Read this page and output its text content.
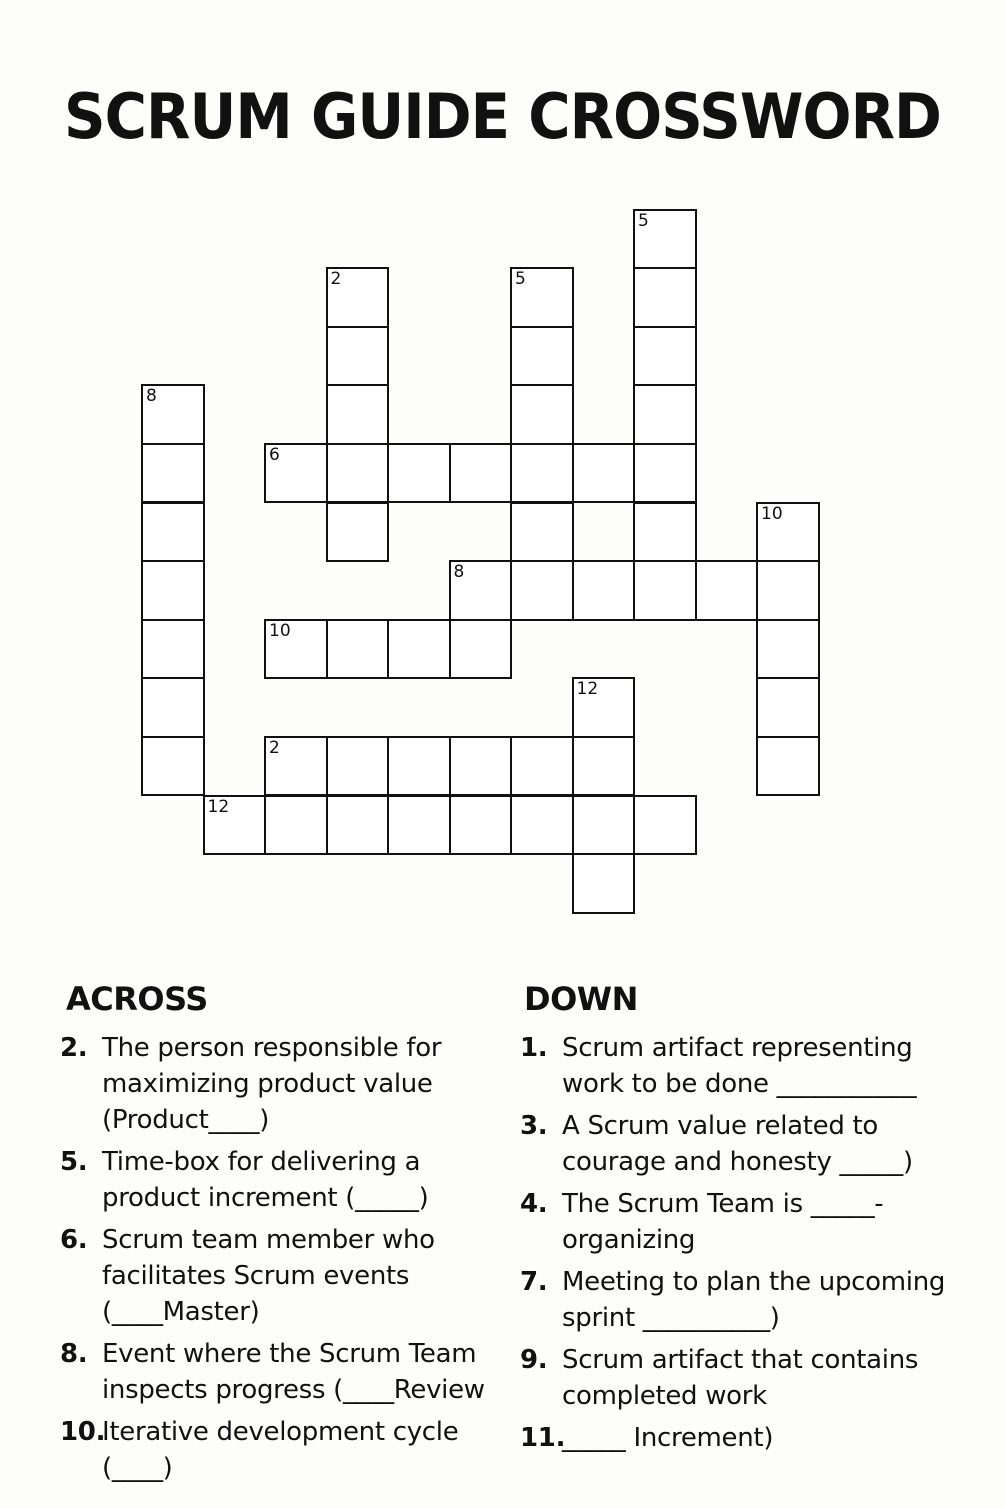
SCRUM GUIDE CROSSWORD
8
2
6
5
5
8
10
10
12
2
12
ACROSS	DOWN
2. The person responsible for maximizing product value (Product____)
5. Time-box for delivering a product increment (_____)
6. Scrum team member who facilitates Scrum events (____Master)
8. Event where the Scrum Team inspects progress (____Review
10.
Iterative development cycle (____)
1. Scrum artifact representing work to be done ___________
3. A Scrum value related to courage and honesty _____)
4. The Scrum Team is _____-organizing
7. Meeting to plan the upcoming sprint __________)
9. Scrum artifact that contains completed work
11.
_____ Increment)
